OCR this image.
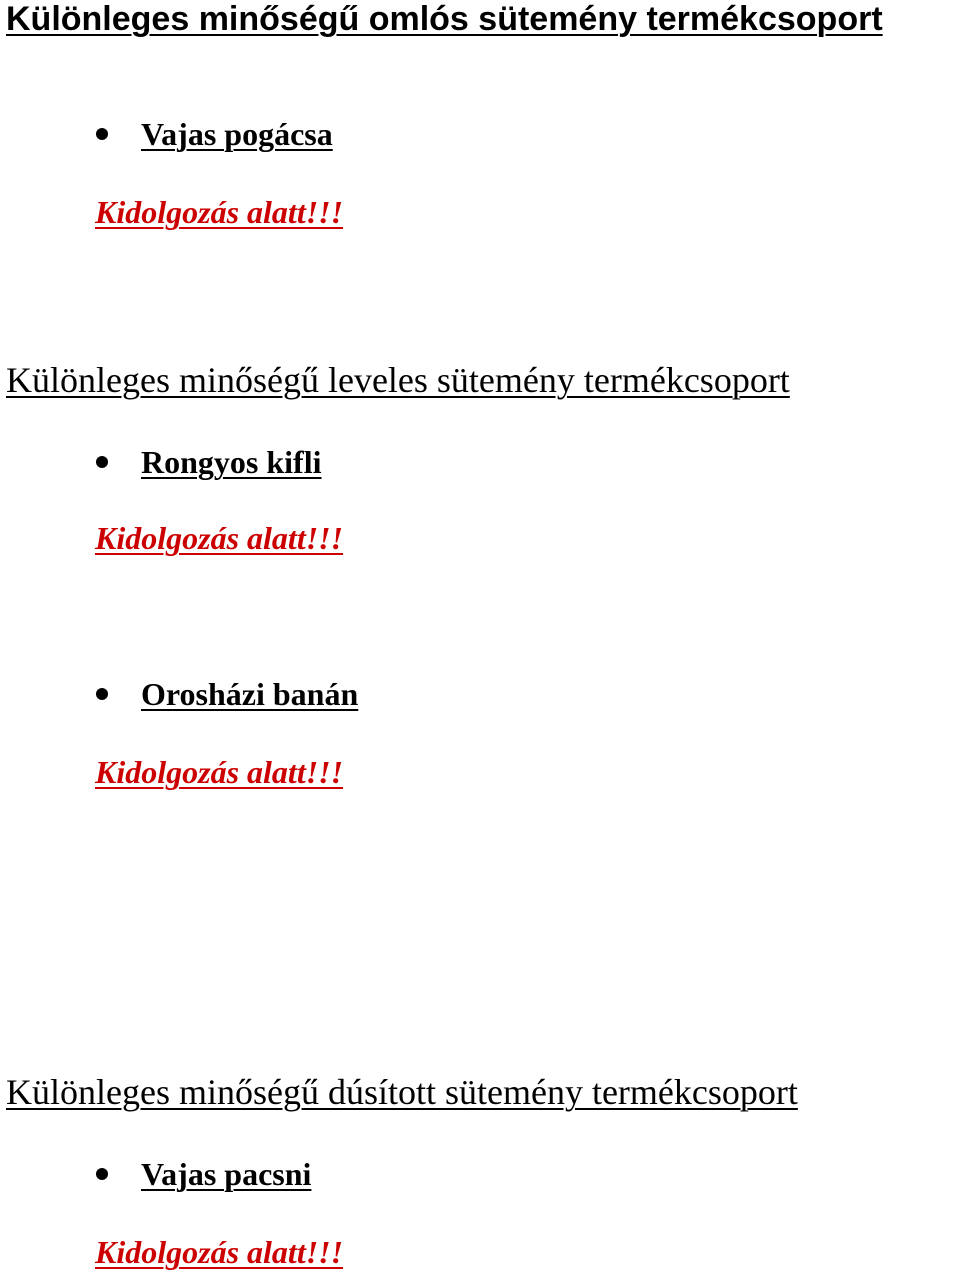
Különleges minőségű omlós sütemény termékcsoport
Vajas pogácsa

Kidolgozás alatt!!!

Különleges minőségű leveles sütemény termékcsoport
Rongyos kifli

Kidolgozás alatt!!!

Orosházi banán

Kidolgozás alatt!!!

Különleges minőségű dúsított sütemény termékcsoport
Vajas pacsni

Kidolgozás alatt!!!
